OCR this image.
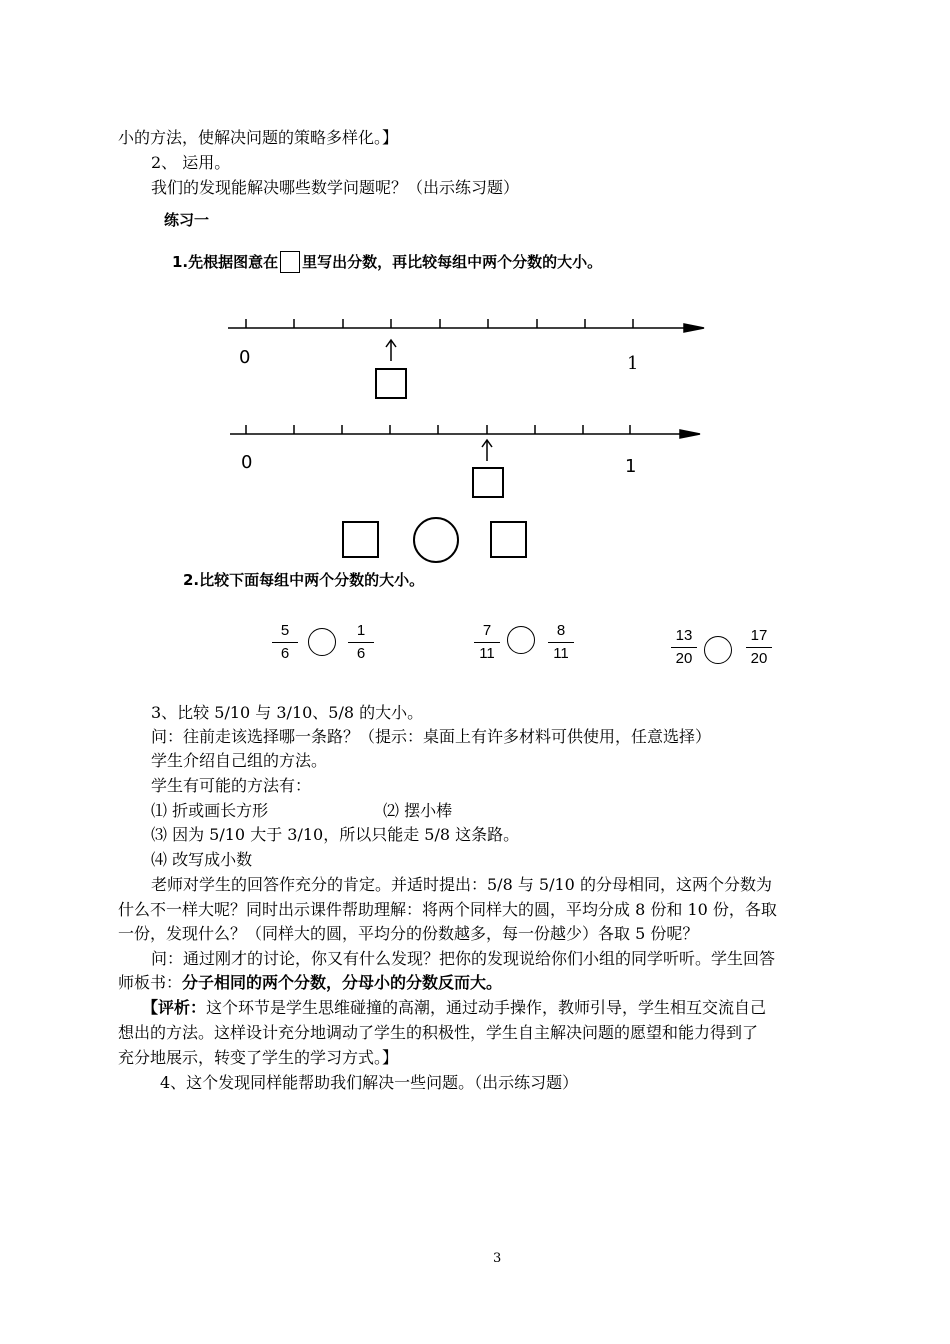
小的方法，使解决问题的策略多样化。】
2、 运用。
我们的发现能解决哪些数学问题呢？（出示练习题）
练习一
1.先根据图意在 里写出分数，再比较每组中两个分数的大小。
0	1
0	1
2.比较下面每组中两个分数的大小。
5
6
1
6
7
11
8
11
13
20
17
20
3、比较 5/10 与 3/10、5/8 的大小。
问：往前走该选择哪一条路？（提示：桌面上有许多材料可供使用，任意选择）
学生介绍自己组的方法。
学生有可能的方法有：
⑴ 折或画长方形	⑵ 摆小棒
⑶ 因为 5/10 大于 3/10，所以只能走 5/8 这条路。
⑷ 改写成小数
老师对学生的回答作充分的肯定。并适时提出：5/8 与 5/10 的分母相同，这两个分数为
什么不一样大呢？同时出示课件帮助理解：将两个同样大的圆，平均分成 8 份和 10 份，各取
一份，发现什么？（同样大的圆，平均分的份数越多，每一份越少）各取 5 份呢？
问：通过刚才的讨论，你又有什么发现？把你的发现说给你们小组的同学听听。学生回答
师板书：分子相同的两个分数，分母小的分数反而大。
【评析：这个环节是学生思维碰撞的高潮，通过动手操作，教师引导，学生相互交流自己
想出的方法。这样设计充分地调动了学生的积极性，学生自主解决问题的愿望和能力得到了
充分地展示，转变了学生的学习方式。】
4、这个发现同样能帮助我们解决一些问题。（出示练习题）
3
